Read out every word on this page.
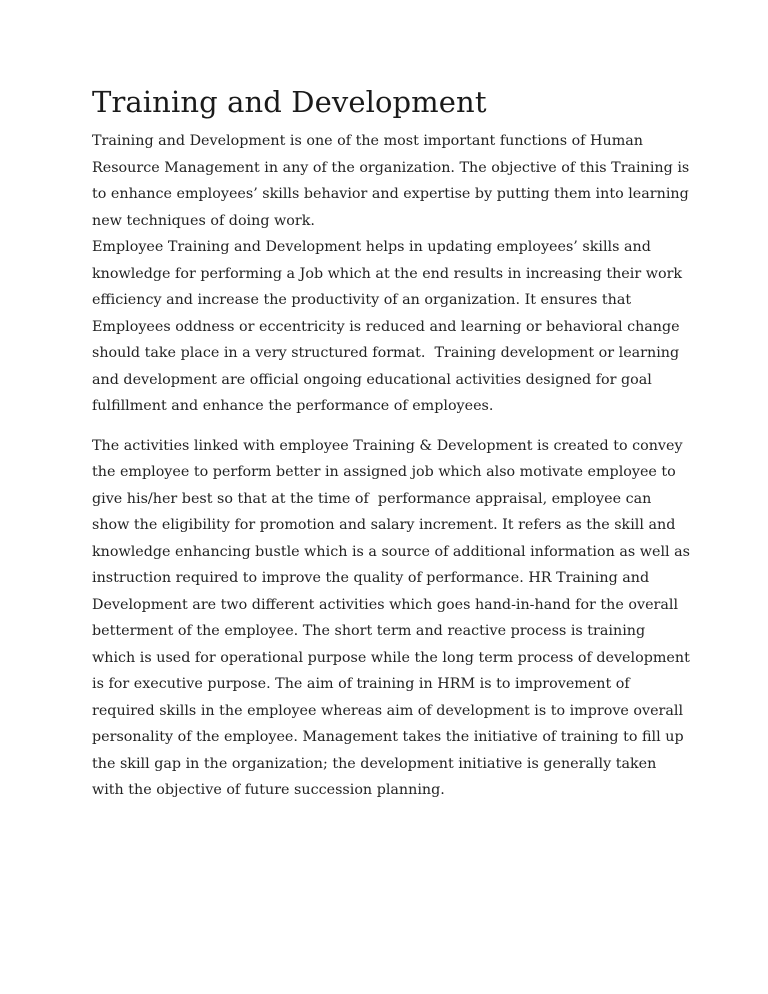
Training and Development

Training and Development is one of the most important functions of Human Resource Management in any of the organization. The objective of this Training is to enhance employees’ skills behavior and expertise by putting them into learning new techniques of doing work.

Employee Training and Development helps in updating employees’ skills and knowledge for performing a Job which at the end results in increasing their work efficiency and increase the productivity of an organization. It ensures that Employees oddness or eccentricity is reduced and learning or behavioral change should take place in a very structured format.  Training development or learning and development are official ongoing educational activities designed for goal fulfillment and enhance the performance of employees.

The activities linked with employee Training & Development is created to convey the employee to perform better in assigned job which also motivate employee to give his/her best so that at the time of  performance appraisal, employee can show the eligibility for promotion and salary increment. It refers as the skill and knowledge enhancing bustle which is a source of additional information as well as instruction required to improve the quality of performance. HR Training and Development are two different activities which goes hand-in-hand for the overall betterment of the employee. The short term and reactive process is training which is used for operational purpose while the long term process of development is for executive purpose. The aim of training in HRM is to improvement of required skills in the employee whereas aim of development is to improve overall personality of the employee. Management takes the initiative of training to fill up the skill gap in the organization; the development initiative is generally taken with the objective of future succession planning.
